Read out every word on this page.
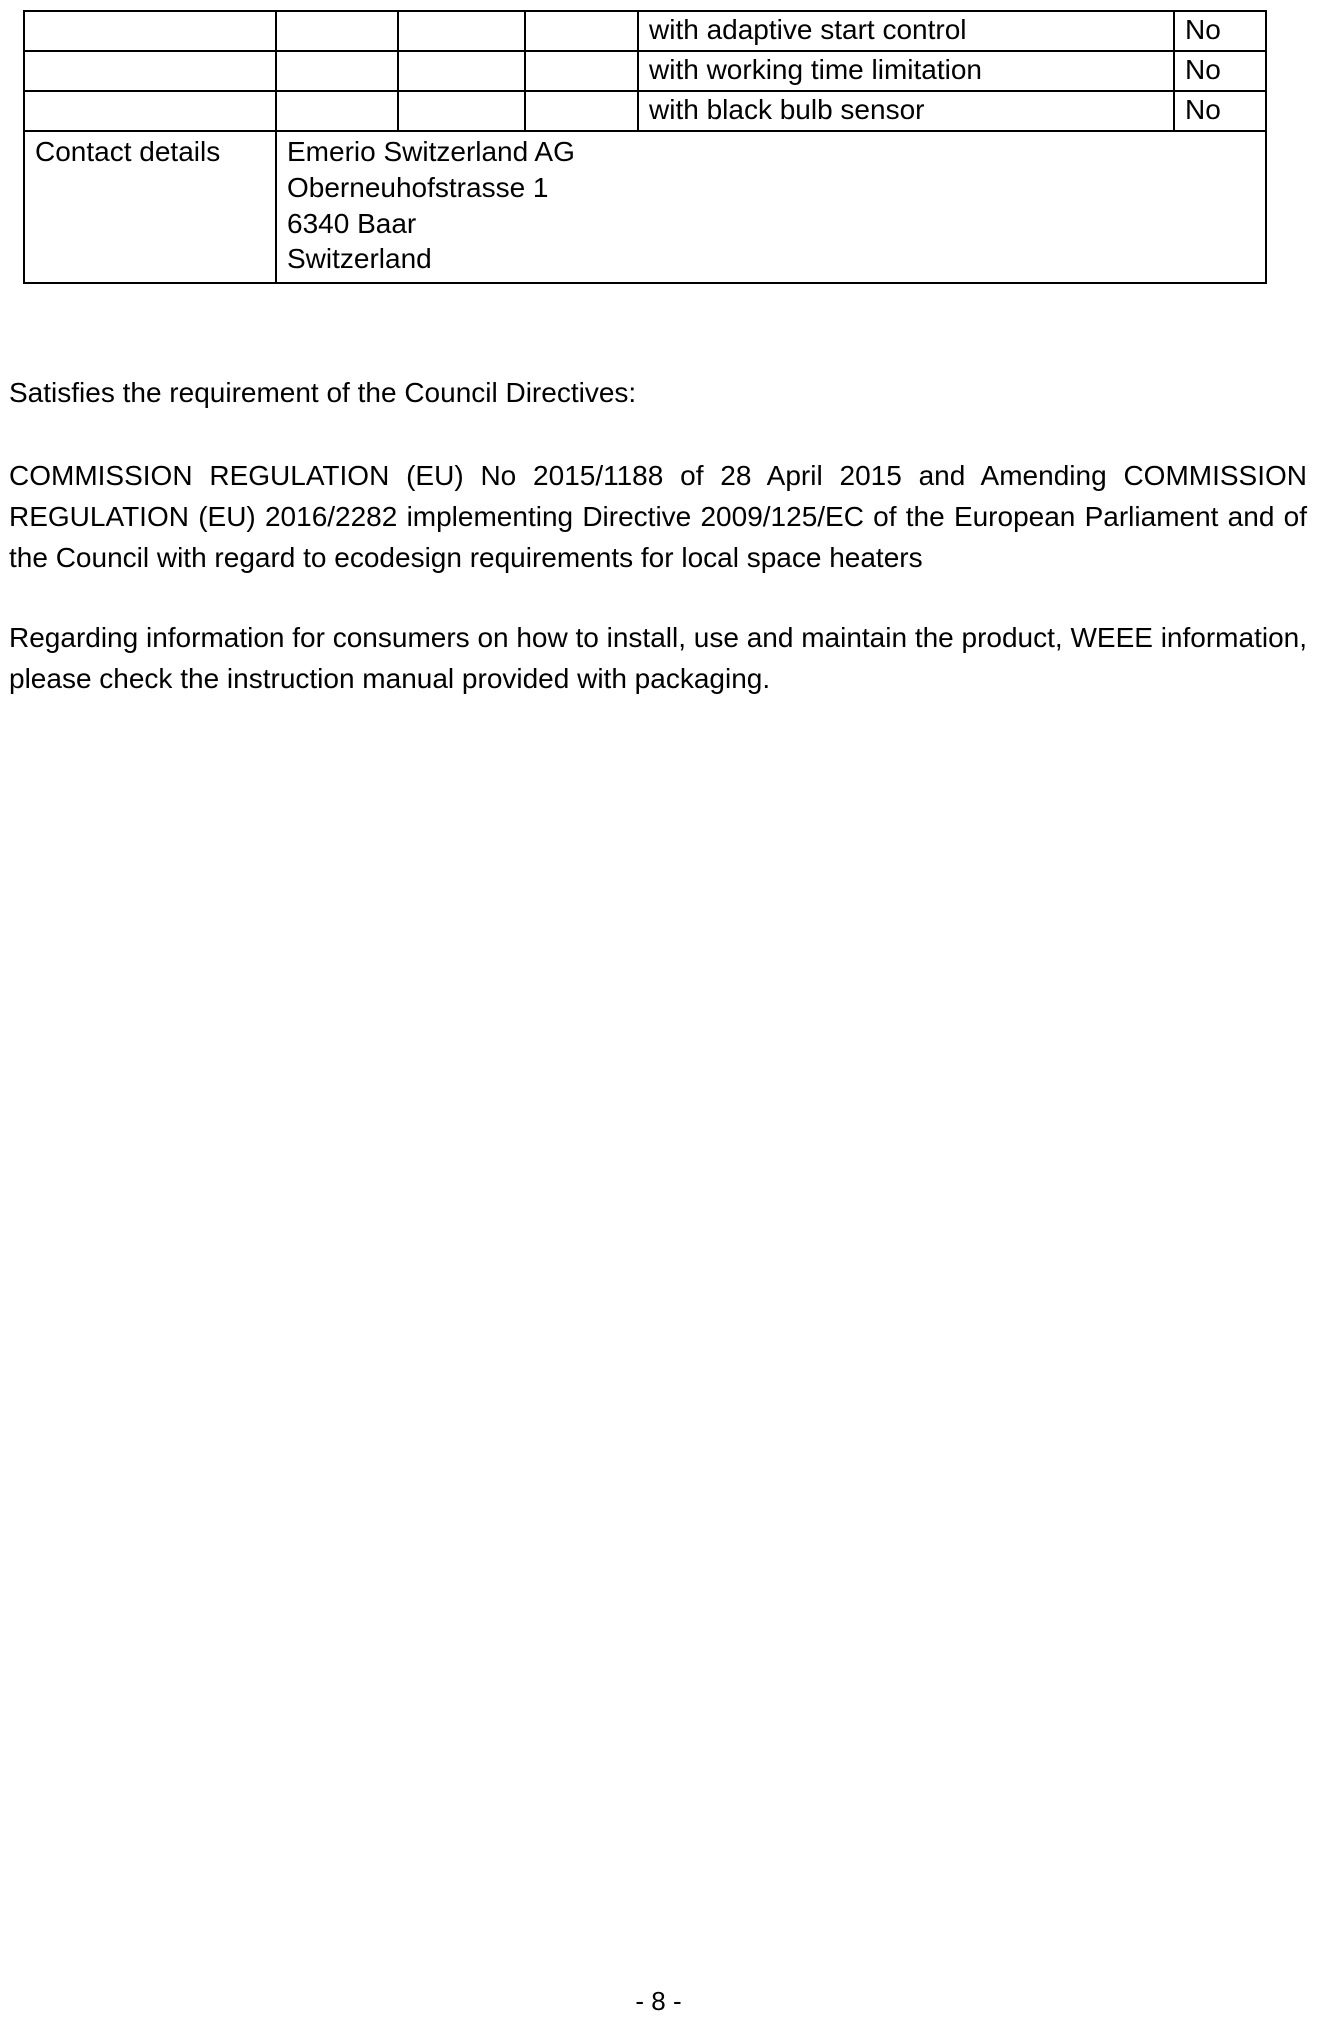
				with adaptive start control	No
				with working time limitation	No
				with black bulb sensor	No
Contact details	Emerio Switzerland AG
Oberneuhofstrasse 1
6340 Baar
Switzerland				

Satisfies the requirement of the Council Directives:

COMMISSION REGULATION (EU) No 2015/1188 of 28 April 2015 and Amending COMMISSION REGULATION (EU) 2016/2282 implementing Directive 2009/125/EC of the European Parliament and of the Council with regard to ecodesign requirements for local space heaters

Regarding information for consumers on how to install, use and maintain the product, WEEE information, please check the instruction manual provided with packaging.

- 8 -
